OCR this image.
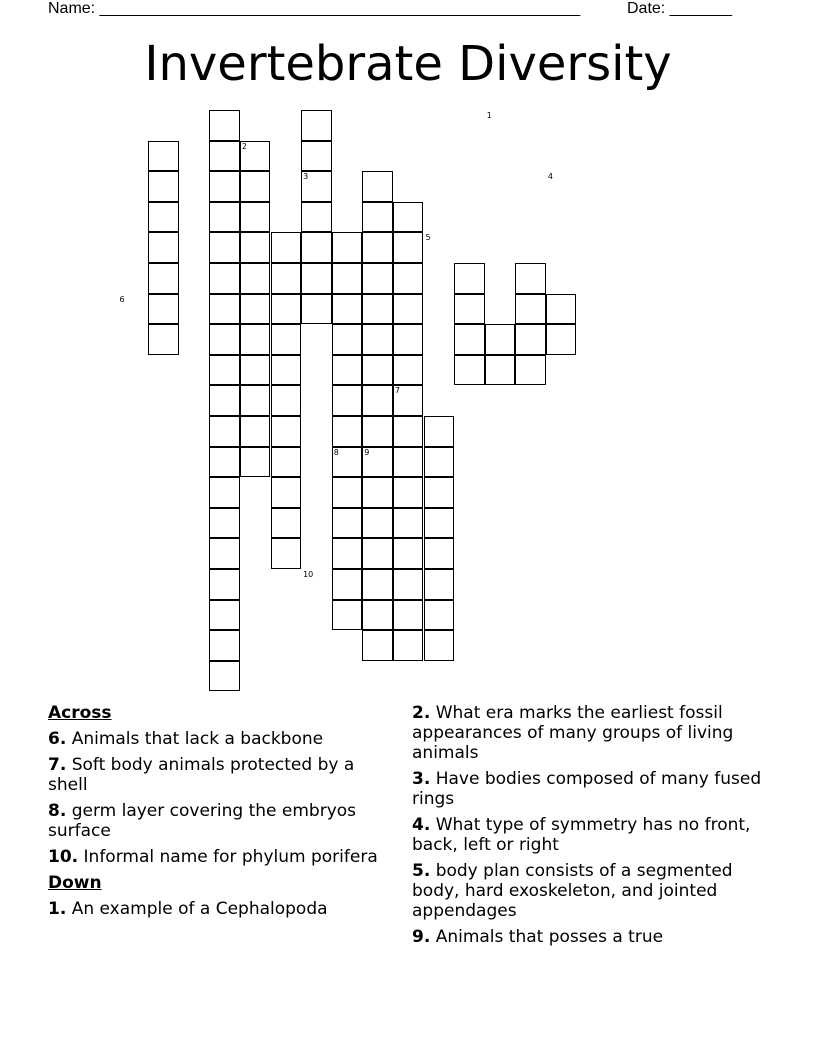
Name: ______________________________________________________	Date: _______
Invertebrate Diversity
1
2
3	4
5
6
7
8	9
10
Across
6. Animals that lack a backbone
7. Soft body animals protected by a shell
8. germ layer covering the embryos surface
10. Informal name for phylum porifera
Down
1. An example of a Cephalopoda
2. What era marks the earliest fossil appearances of many groups of living animals
3. Have bodies composed of many fused rings
4. What type of symmetry has no front, back, left or right
5. body plan consists of a segmented body, hard exoskeleton, and jointed appendages
9. Animals that posses a true
